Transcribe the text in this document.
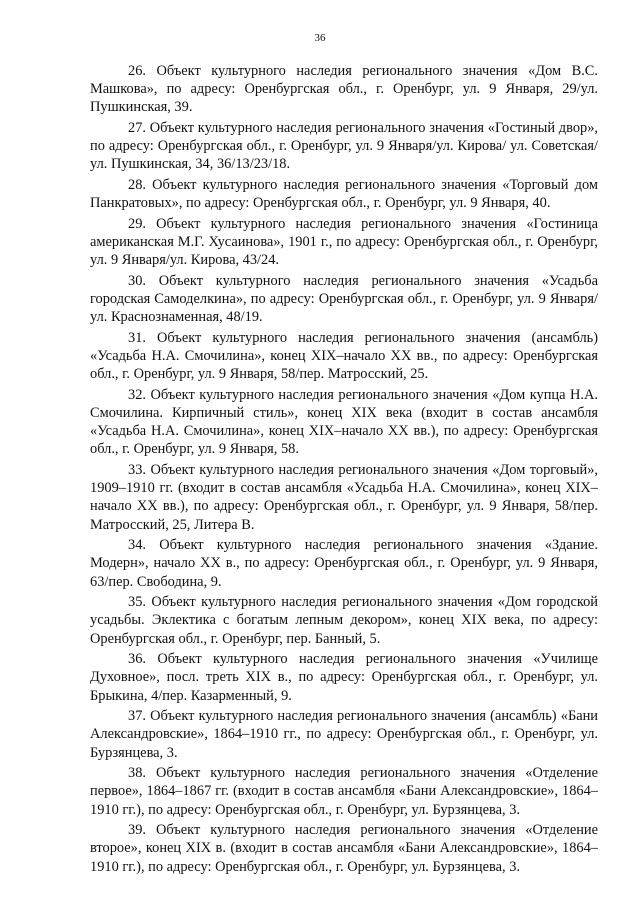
36

26. Объект культурного наследия регионального значения «Дом В.С. Машкова», по адресу: Оренбургская обл., г. Оренбург, ул. 9 Января, 29/ул. Пушкинская, 39.

27. Объект культурного наследия регионального значения «Гостиный двор», по адресу: Оренбургская обл., г. Оренбург, ул. 9 Января/ул. Кирова/ ул. Советская/ул. Пушкинская, 34, 36/13/23/18.

28. Объект культурного наследия регионального значения «Торговый дом Панкратовых», по адресу: Оренбургская обл., г. Оренбург, ул. 9 Января, 40.

29. Объект культурного наследия регионального значения «Гостиница американская М.Г. Хусаинова», 1901 г., по адресу: Оренбургская обл., г. Оренбург, ул. 9 Января/ул. Кирова, 43/24.

30. Объект культурного наследия регионального значения «Усадьба городская Самоделкина», по адресу: Оренбургская обл., г. Оренбург, ул. 9 Января/ул. Краснознаменная, 48/19.

31. Объект культурного наследия регионального значения (ансамбль) «Усадьба Н.А. Смочилина», конец XIX–начало XX вв., по адресу: Оренбургская обл., г. Оренбург, ул. 9 Января, 58/пер. Матросский, 25.

32. Объект культурного наследия регионального значения «Дом купца Н.А. Смочилина. Кирпичный стиль», конец XIX века (входит в состав ансамбля «Усадьба Н.А. Смочилина», конец XIX–начало XX вв.), по адресу: Оренбургская обл., г. Оренбург, ул. 9 Января, 58.

33. Объект культурного наследия регионального значения «Дом торговый», 1909–1910 гг. (входит в состав ансамбля «Усадьба Н.А. Смочилина», конец XIX–начало XX вв.), по адресу: Оренбургская обл., г. Оренбург, ул. 9 Января, 58/пер. Матросский, 25, Литера В.

34. Объект культурного наследия регионального значения «Здание. Модерн», начало XX в., по адресу: Оренбургская обл., г. Оренбург, ул. 9 Января, 63/пер. Свободина, 9.

35. Объект культурного наследия регионального значения «Дом городской усадьбы. Эклектика с богатым лепным декором», конец XIX века, по адресу: Оренбургская обл., г. Оренбург, пер. Банный, 5.

36. Объект культурного наследия регионального значения «Училище Духовное», посл. треть XIX в., по адресу: Оренбургская обл., г. Оренбург, ул. Брыкина, 4/пер. Казарменный, 9.

37. Объект культурного наследия регионального значения (ансамбль) «Бани Александровские», 1864–1910 гг., по адресу: Оренбургская обл., г. Оренбург, ул. Бурзянцева, 3.

38. Объект культурного наследия регионального значения «Отделение первое», 1864–1867 гг. (входит в состав ансамбля «Бани Александровские», 1864–1910 гг.), по адресу: Оренбургская обл., г. Оренбург, ул. Бурзянцева, 3.

39. Объект культурного наследия регионального значения «Отделение второе», конец XIX в. (входит в состав ансамбля «Бани Александровские», 1864–1910 гг.), по адресу: Оренбургская обл., г. Оренбург, ул. Бурзянцева, 3.
